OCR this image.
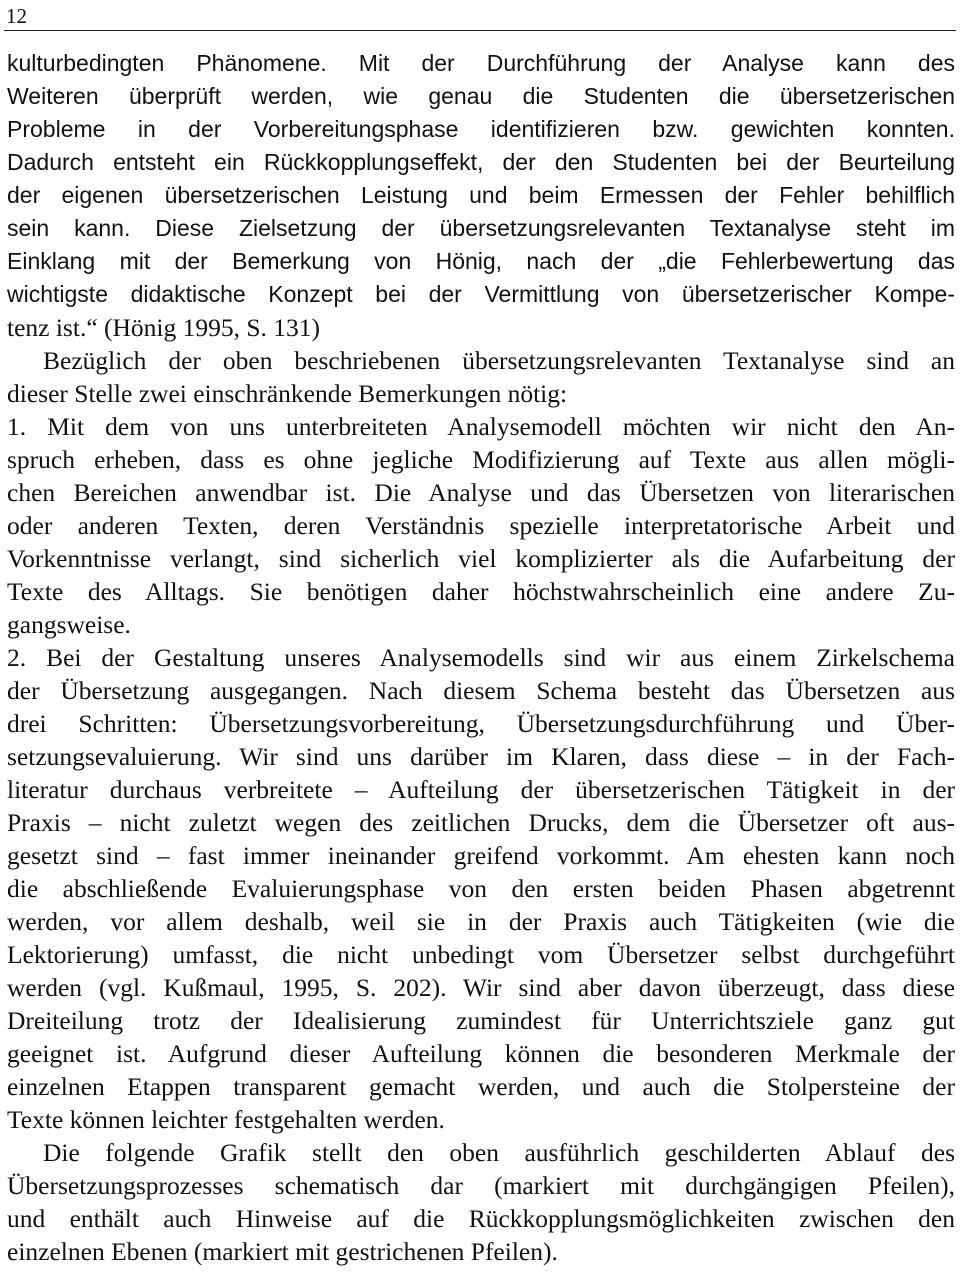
12
kulturbedingten Phänomene. Mit der Durchführung der Analyse kann des
Weiteren überprüft werden, wie genau die Studenten die übersetzerischen
Probleme in der Vorbereitungsphase identifizieren bzw. gewichten konnten.
Dadurch entsteht ein Rückkopplungseffekt, der den Studenten bei der Beurteilung
der eigenen übersetzerischen Leistung und beim Ermessen der Fehler behilflich
sein kann. Diese Zielsetzung der übersetzungsrelevanten Textanalyse steht im
Einklang mit der Bemerkung von Hönig, nach der „die Fehlerbewertung das
wichtigste didaktische Konzept bei der Vermittlung von übersetzerischer Kompe-
tenz ist.“ (Hönig 1995, S. 131)
Bezüglich der oben beschriebenen übersetzungsrelevanten Textanalyse sind an
dieser Stelle zwei einschränkende Bemerkungen nötig:
1. Mit dem von uns unterbreiteten Analysemodell möchten wir nicht den An-
spruch erheben, dass es ohne jegliche Modifizierung auf Texte aus allen mögli-
chen Bereichen anwendbar ist. Die Analyse und das Übersetzen von literarischen
oder anderen Texten, deren Verständnis spezielle interpretatorische Arbeit und
Vorkenntnisse verlangt, sind sicherlich viel komplizierter als die Aufarbeitung der
Texte des Alltags. Sie benötigen daher höchstwahrscheinlich eine andere Zu-
gangsweise.
2. Bei der Gestaltung unseres Analysemodells sind wir aus einem Zirkelschema
der Übersetzung ausgegangen. Nach diesem Schema besteht das Übersetzen aus
drei Schritten: Übersetzungsvorbereitung, Übersetzungsdurchführung und Über-
setzungsevaluierung. Wir sind uns darüber im Klaren, dass diese – in der Fach-
literatur durchaus verbreitete – Aufteilung der übersetzerischen Tätigkeit in der
Praxis – nicht zuletzt wegen des zeitlichen Drucks, dem die Übersetzer oft aus-
gesetzt sind – fast immer ineinander greifend vorkommt. Am ehesten kann noch
die abschließende Evaluierungsphase von den ersten beiden Phasen abgetrennt
werden, vor allem deshalb, weil sie in der Praxis auch Tätigkeiten (wie die
Lektorierung) umfasst, die nicht unbedingt vom Übersetzer selbst durchgeführt
werden (vgl. Kußmaul, 1995, S. 202). Wir sind aber davon überzeugt, dass diese
Dreiteilung trotz der Idealisierung zumindest für Unterrichtsziele ganz gut
geeignet ist. Aufgrund dieser Aufteilung können die besonderen Merkmale der
einzelnen Etappen transparent gemacht werden, und auch die Stolpersteine der
Texte können leichter festgehalten werden.
Die folgende Grafik stellt den oben ausführlich geschilderten Ablauf des
Übersetzungsprozesses schematisch dar (markiert mit durchgängigen Pfeilen),
und enthält auch Hinweise auf die Rückkopplungsmöglichkeiten zwischen den
einzelnen Ebenen (markiert mit gestrichenen Pfeilen).
